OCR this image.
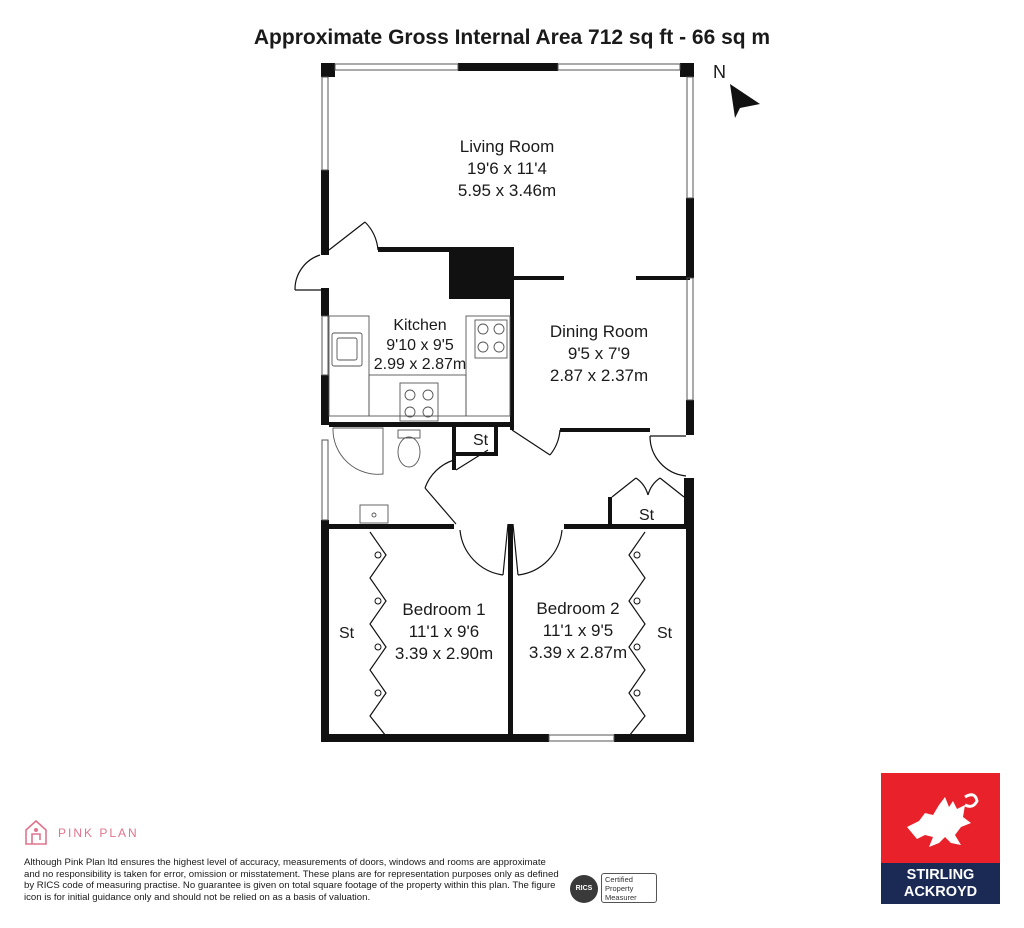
Approximate Gross Internal Area 712 sq ft - 66 sq m
N
Living Room
19'6 x 11'4
5.95 x 3.46m
Kitchen
9'10 x 9'5
2.99 x 2.87m
Dining Room
9'5 x 7'9
2.87 x 2.37m
Bedroom 1
11'1 x 9'6
3.39 x 2.90m
Bedroom 2
11'1 x 9'5
3.39 x 2.87m
St
St
St	St
PINK PLAN
Although Pink Plan ltd ensures the highest level of accuracy, measurements of doors, windows and rooms are approximate and no responsibility is taken for error, omission or misstatement. These plans are for representation purposes only as defined by RICS code of measuring practise. No guarantee is given on total square footage of the property within this plan. The figure icon is for initial guidance only and should not be relied on as a basis of valuation.
RICS
Certified
Property
Measurer
STIRLING
ACKROYD
